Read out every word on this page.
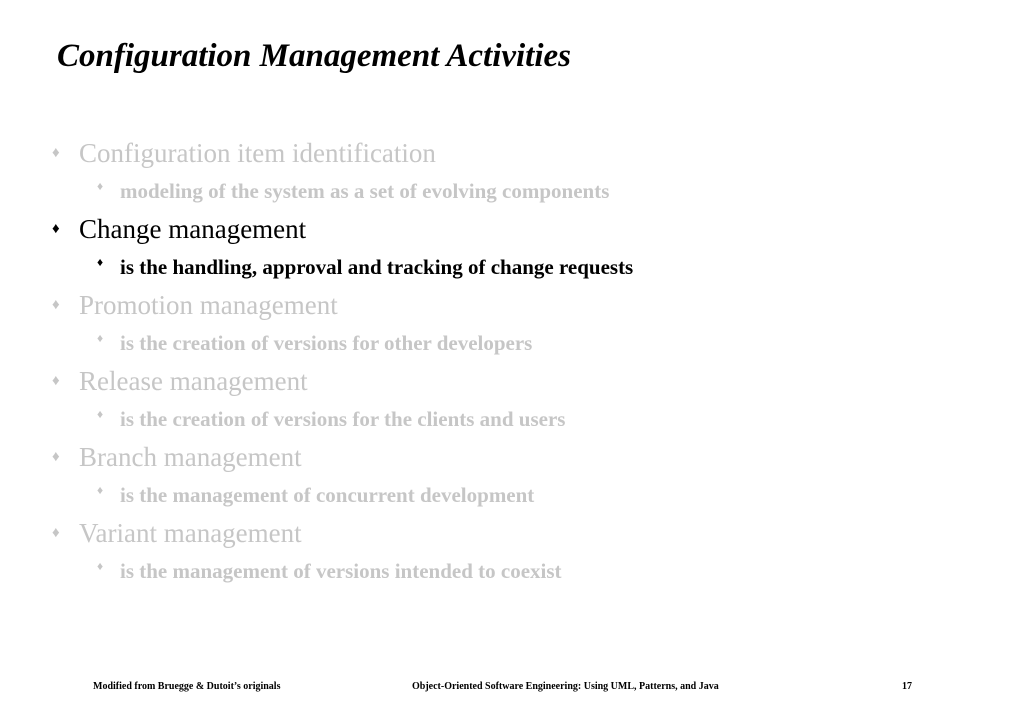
Configuration Management Activities
♦ Configuration item identification
♦ modeling of the system as a set of evolving components
♦ Change management
♦ is the handling, approval and tracking of change requests
♦ Promotion management
♦ is the creation of versions for other developers
♦ Release management
♦ is the creation of versions for the clients and users
♦ Branch management
♦ is the management of concurrent development
♦ Variant management
♦ is the management of versions intended to coexist
Modified from Bruegge & Dutoit’s originals	Object-Oriented Software Engineering: Using UML, Patterns, and Java	17
